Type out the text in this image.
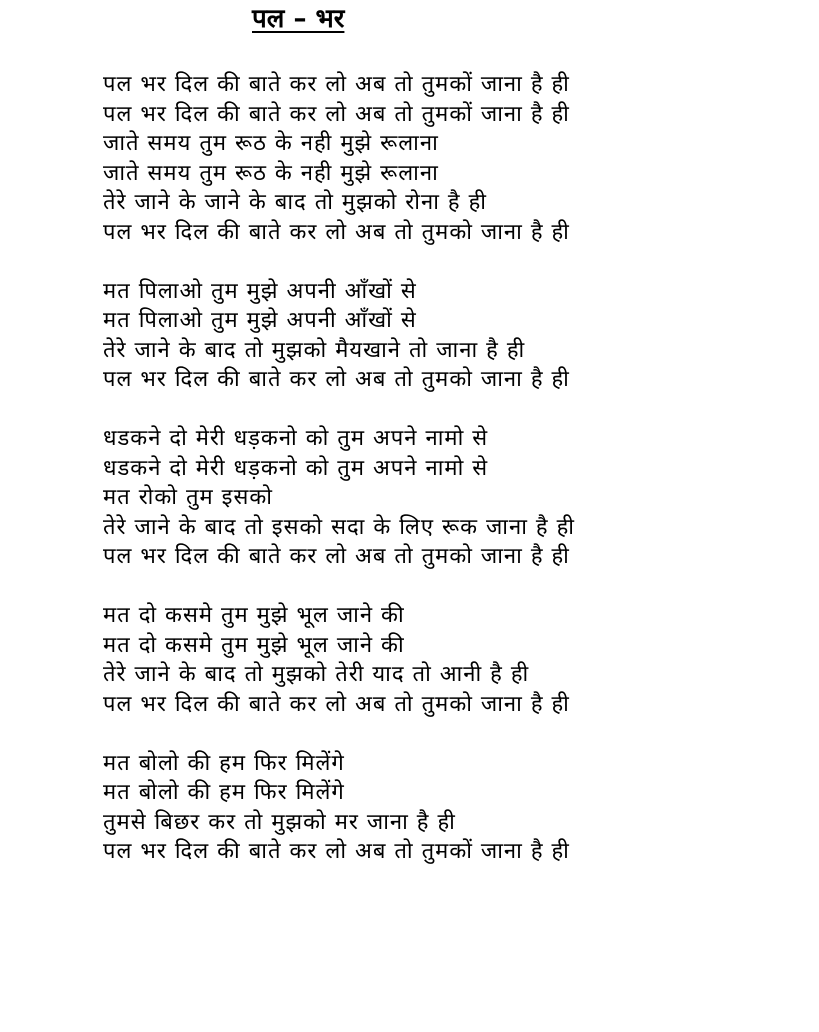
पल – भर
पल भर दिल की बाते कर लो अब तो तुमकों जाना है ही
पल भर दिल की बाते कर लो अब तो तुमकों जाना है ही
जाते समय तुम रूठ के नही मुझे रूलाना
जाते समय तुम रूठ के नही मुझे रूलाना
तेरे जाने के जाने के बाद तो मुझको रोना है ही
पल भर दिल की बाते कर लो अब तो तुमको जाना है ही
मत पिलाओ तुम मुझे अपनी आँखों से
मत पिलाओ तुम मुझे अपनी आँखों से
तेरे जाने के बाद तो मुझको मैयखाने तो जाना है ही
पल भर दिल की बाते कर लो अब तो तुमको जाना है ही
धडकने दो मेरी धड़कनो को तुम अपने नामो से
धडकने दो मेरी धड़कनो को तुम अपने नामो से
मत रोको तुम इसको
तेरे जाने के बाद तो इसको सदा के लिए रूक जाना है ही
पल भर दिल की बाते कर लो अब तो तुमको जाना है ही
मत दो कसमे तुम मुझे भूल जाने की
मत दो कसमे तुम मुझे भूल जाने की
तेरे जाने के बाद तो मुझको तेरी याद तो आनी है ही
पल भर दिल की बाते कर लो अब तो तुमको जाना है ही
मत बोलो की हम फिर मिलेंगे
मत बोलो की हम फिर मिलेंगे
तुमसे बिछर कर तो मुझको मर जाना है ही
पल भर दिल की बाते कर लो अब तो तुमकों जाना है ही
